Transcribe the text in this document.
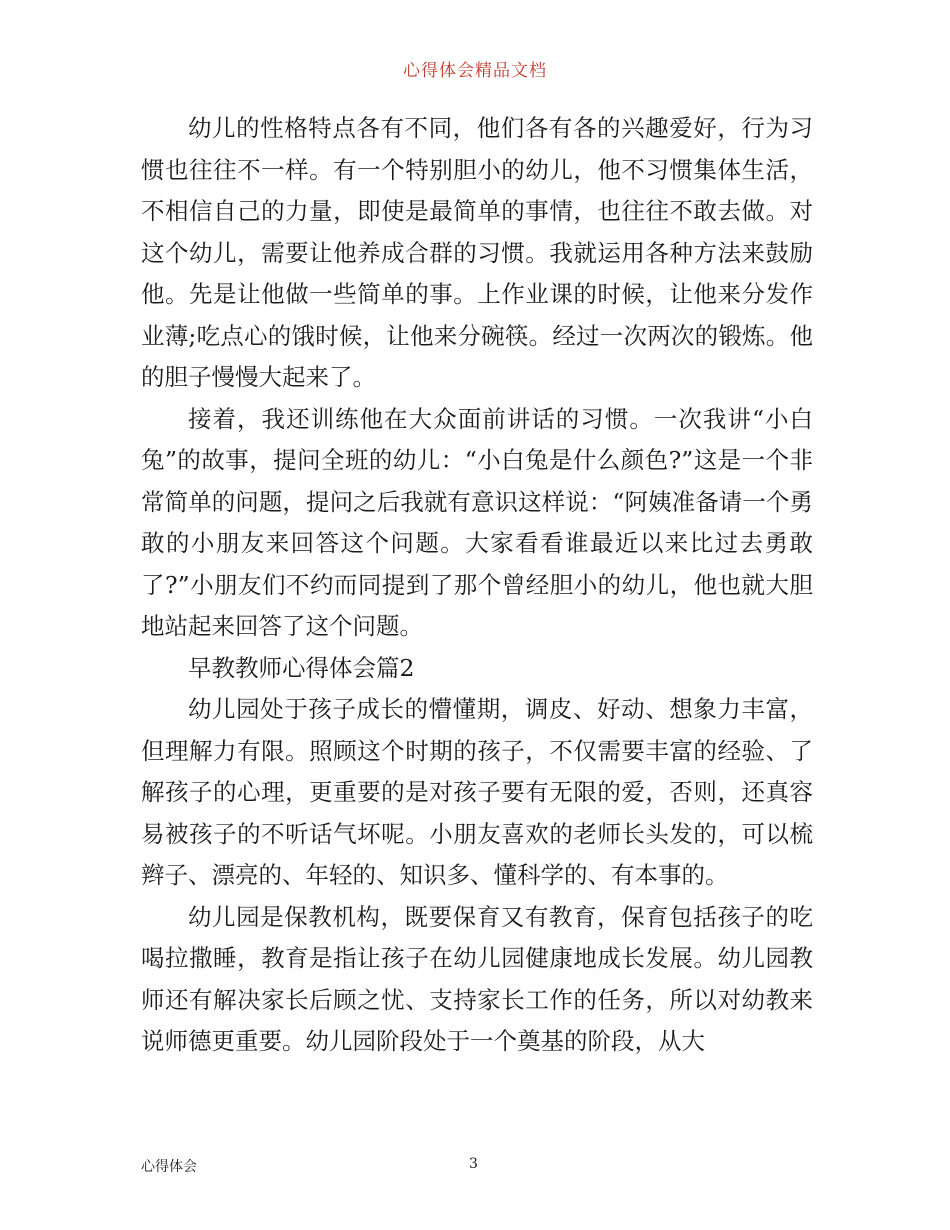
心得体会精品文档

幼儿的性格特点各有不同，他们各有各的兴趣爱好，行为习惯也往往不一样。有一个特别胆小的幼儿，他不习惯集体生活，不相信自己的力量，即使是最简单的事情，也往往不敢去做。对这个幼儿，需要让他养成合群的习惯。我就运用各种方法来鼓励他。先是让他做一些简单的事。上作业课的时候，让他来分发作业薄;吃点心的饿时候，让他来分碗筷。经过一次两次的锻炼。他的胆子慢慢大起来了。

接着，我还训练他在大众面前讲话的习惯。一次我讲“小白兔”的故事，提问全班的幼儿：“小白兔是什么颜色?”这是一个非常简单的问题，提问之后我就有意识这样说：“阿姨准备请一个勇敢的小朋友来回答这个问题。大家看看谁最近以来比过去勇敢了?”小朋友们不约而同提到了那个曾经胆小的幼儿，他也就大胆地站起来回答了这个问题。

早教教师心得体会篇2

幼儿园处于孩子成长的懵懂期，调皮、好动、想象力丰富，但理解力有限。照顾这个时期的孩子，不仅需要丰富的经验、了解孩子的心理，更重要的是对孩子要有无限的爱，否则，还真容易被孩子的不听话气坏呢。小朋友喜欢的老师长头发的，可以梳辫子、漂亮的、年轻的、知识多、懂科学的、有本事的。

幼儿园是保教机构，既要保育又有教育，保育包括孩子的吃喝拉撒睡，教育是指让孩子在幼儿园健康地成长发展。幼儿园教师还有解决家长后顾之忧、支持家长工作的任务，所以对幼教来说师德更重要。幼儿园阶段处于一个奠基的阶段，从大

心得体会	3
